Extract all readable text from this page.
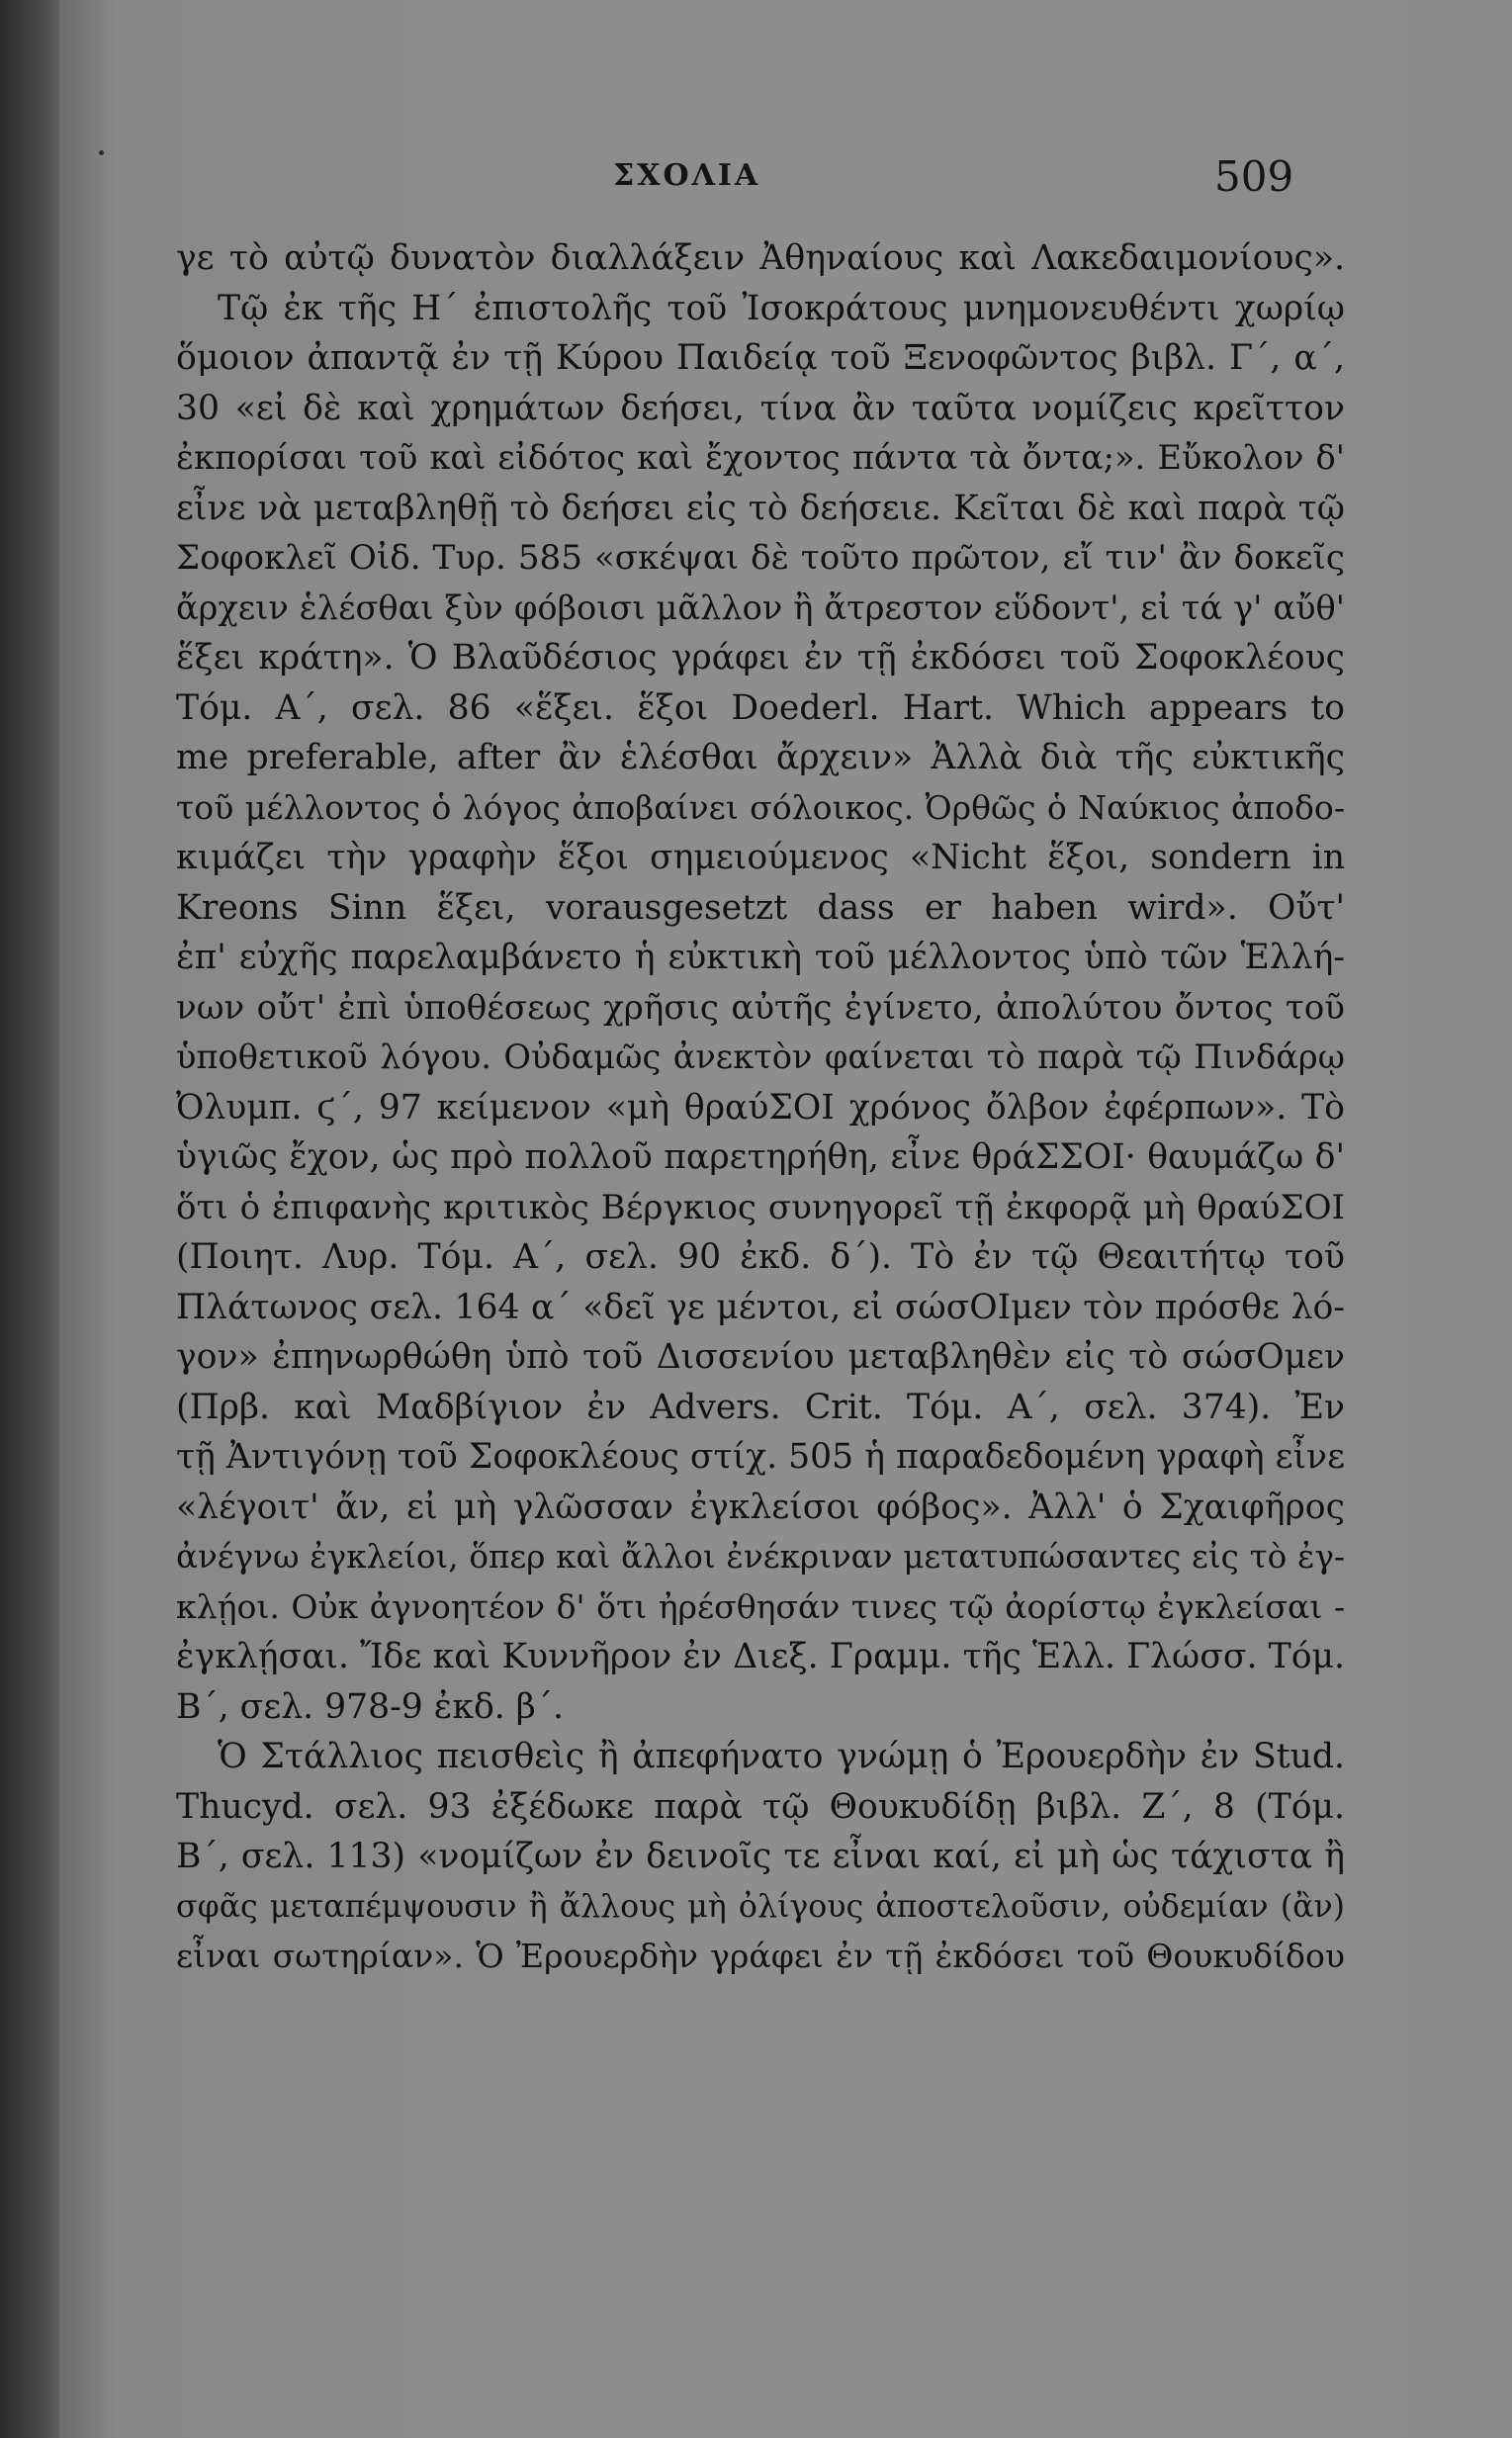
ΣΧΟΛΙΑ	509
γε τὸ αὐτῷ δυνατὸν διαλλάξειν Ἀθηναίους καὶ Λακεδαιμονίους».
Τῷ ἐκ τῆς Η΄ ἐπιστολῆς τοῦ Ἰσοκράτους μνημονευθέντι χωρίῳ
ὅμοιον ἀπαντᾷ ἐν τῇ Κύρου Παιδείᾳ τοῦ Ξενοφῶντος βιβλ. Γ΄, α΄,
30 «εἰ δὲ καὶ χρημάτων δεήσει, τίνα ἂν ταῦτα νομίζεις κρεῖττον
ἐκπορίσαι τοῦ καὶ εἰδότος καὶ ἔχοντος πάντα τὰ ὄντα;». Εὔκολον δ'
εἶνε νὰ μεταβληθῇ τὸ δεήσει εἰς τὸ δεήσειε. Κεῖται δὲ καὶ παρὰ τῷ
Σοφοκλεῖ Οἰδ. Τυρ. 585 «σκέψαι δὲ τοῦτο πρῶτον, εἴ τιν' ἂν δοκεῖς
ἄρχειν ἑλέσθαι ξὺν φόβοισι μᾶλλον ἢ ἄτρεστον εὕδοντ', εἰ τά γ' αὔθ'
ἕξει κράτη». Ὁ Βλαῦδέσιος γράφει ἐν τῇ ἐκδόσει τοῦ Σοφοκλέους
Τόμ. Α΄, σελ. 86 «ἕξει. ἕξοι Doederl. Hart. Which appears to
me preferable, after ἂν ἑλέσθαι ἄρχειν» Ἀλλὰ διὰ τῆς εὐκτικῆς
τοῦ μέλλοντος ὁ λόγος ἀποβαίνει σόλοικος. Ὀρθῶς ὁ Ναύκιος ἀποδο-
κιμάζει τὴν γραφὴν ἕξοι σημειούμενος «Nicht ἕξοι, sondern in
Kreons Sinn ἕξει, vorausgesetzt dass er haben wird». Οὔτ'
ἐπ' εὐχῆς παρελαμβάνετο ἡ εὐκτικὴ τοῦ μέλλοντος ὑπὸ τῶν Ἑλλή-
νων οὔτ' ἐπὶ ὑποθέσεως χρῆσις αὐτῆς ἐγίνετο, ἀπολύτου ὄντος τοῦ
ὑποθετικοῦ λόγου. Οὐδαμῶς ἀνεκτὸν φαίνεται τὸ παρὰ τῷ Πινδάρῳ
Ὀλυμπ. ϛ΄, 97 κείμενον «μὴ θραύΣΟΙ χρόνος ὄλβον ἐφέρπων». Τὸ
ὑγιῶς ἔχον, ὡς πρὸ πολλοῦ παρετηρήθη, εἶνε θράΣΣΟΙ· θαυμάζω δ'
ὅτι ὁ ἐπιφανὴς κριτικὸς Βέργκιος συνηγορεῖ τῇ ἐκφορᾷ μὴ θραύΣΟΙ
(Ποιητ. Λυρ. Τόμ. Α΄, σελ. 90 ἐκδ. δ΄). Τὸ ἐν τῷ Θεαιτήτῳ τοῦ
Πλάτωνος σελ. 164 α΄ «δεῖ γε μέντοι, εἰ σώσΟΙμεν τὸν πρόσθε λό-
γον» ἐπηνωρθώθη ὑπὸ τοῦ Δισσενίου μεταβληθὲν εἰς τὸ σώσΟμεν
(Πρβ. καὶ Μαδβίγιον ἐν Advers. Crit. Τόμ. Α΄, σελ. 374). Ἐν
τῇ Ἀντιγόνῃ τοῦ Σοφοκλέους στίχ. 505 ἡ παραδεδομένη γραφὴ εἶνε
«λέγοιτ' ἄν, εἰ μὴ γλῶσσαν ἐγκλείσοι φόβος». Ἀλλ' ὁ Σχαιφῆρος
ἀνέγνω ἐγκλείοι, ὅπερ καὶ ἄλλοι ἐνέκριναν μετατυπώσαντες εἰς τὸ ἐγ-
κλῄοι. Οὐκ ἀγνοητέον δ' ὅτι ἠρέσθησάν τινες τῷ ἀορίστῳ ἐγκλείσαι -
ἐγκλῄσαι. Ἴδε καὶ Κυννῆρον ἐν Διεξ. Γραμμ. τῆς Ἑλλ. Γλώσσ. Τόμ.
Β΄, σελ. 978-9 ἐκδ. β΄.
Ὁ Στάλλιος πεισθεὶς ἢ ἀπεφήνατο γνώμῃ ὁ Ἐρουερδὴν ἐν Stud.
Thucyd. σελ. 93 ἐξέδωκε παρὰ τῷ Θουκυδίδῃ βιβλ. Ζ΄, 8 (Τόμ.
Β΄, σελ. 113) «νομίζων ἐν δεινοῖς τε εἶναι καί, εἰ μὴ ὡς τάχιστα ἢ
σφᾶς μεταπέμψουσιν ἢ ἄλλους μὴ ὀλίγους ἀποστελοῦσιν, οὐδεμίαν (ἂν)
εἶναι σωτηρίαν». Ὁ Ἐρουερδὴν γράφει ἐν τῇ ἐκδόσει τοῦ Θουκυδίδου
